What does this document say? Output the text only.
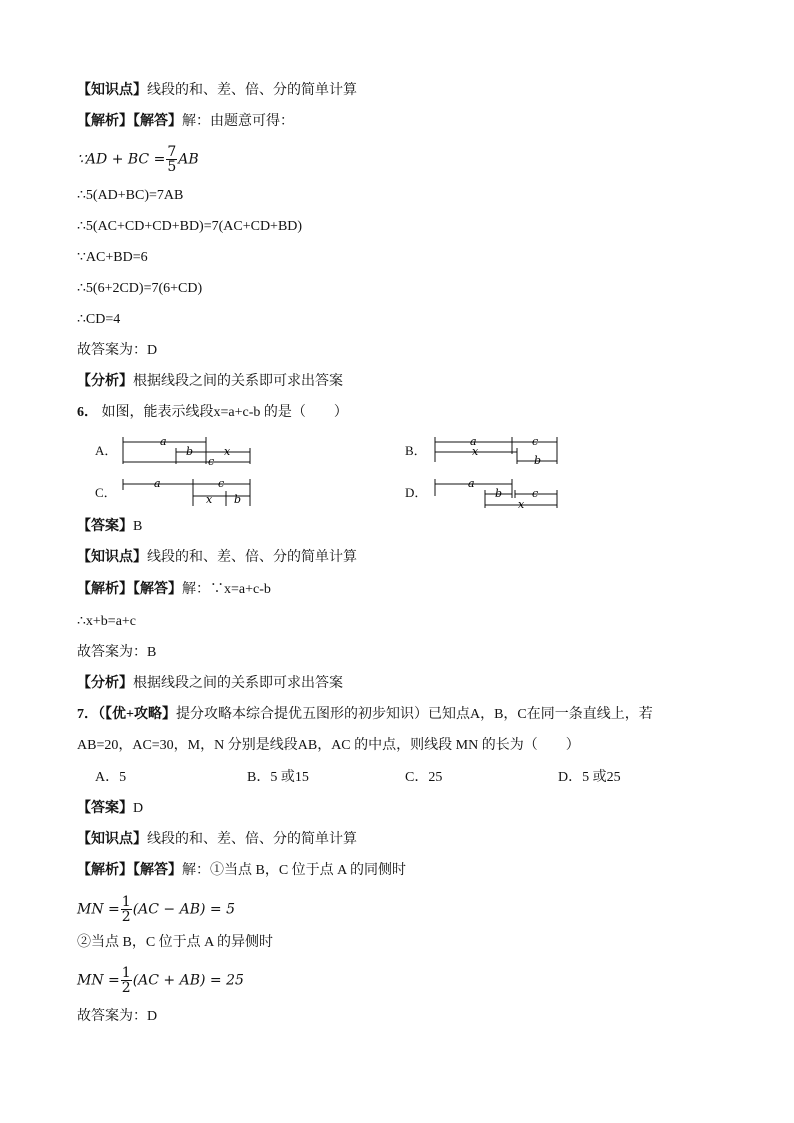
【知识点】线段的和、差、倍、分的简单计算
【解析】【解答】解：由题意可得：
∵AD + BC = $\frac{7}{5}$ AB
∴5(AD+BC)=7AB
∴5(AC+CD+CD+BD)=7(AC+CD+BD)
∵AC+BD=6
∴5(6+2CD)=7(6+CD)
∴CD=4
故答案为：D
【分析】根据线段之间的关系即可求出答案
6． 如图，能表示线段x=a+c-b 的是（　　）
A．
a
b	x
c
B．
a	c
x
b
C．
a	c
x b	D．
a
b	c
x
【答案】B
【知识点】线段的和、差、倍、分的简单计算
【解析】【解答】解：∵x=a+c-b
∴x+b=a+c
故答案为：B
【分析】根据线段之间的关系即可求出答案
7．（【优+攻略】提分攻略本综合提优五图形的初步知识）已知点A，B，C在同一条直线上，若
AB=20，AC=30，M，N 分别是线段AB，AC 的中点，则线段 MN 的长为（　　）
A．5	B．5 或15	C．25	D．5 或25
【答案】D
【知识点】线段的和、差、倍、分的简单计算
【解析】【解答】解：①当点 B，C 位于点 A 的同侧时
MN = $\frac{1}{2} (AC - AB) = 5$
②当点 B，C 位于点 A 的异侧时
MN = $\frac{1}{2} (AC + AB) = 25$
故答案为：D
